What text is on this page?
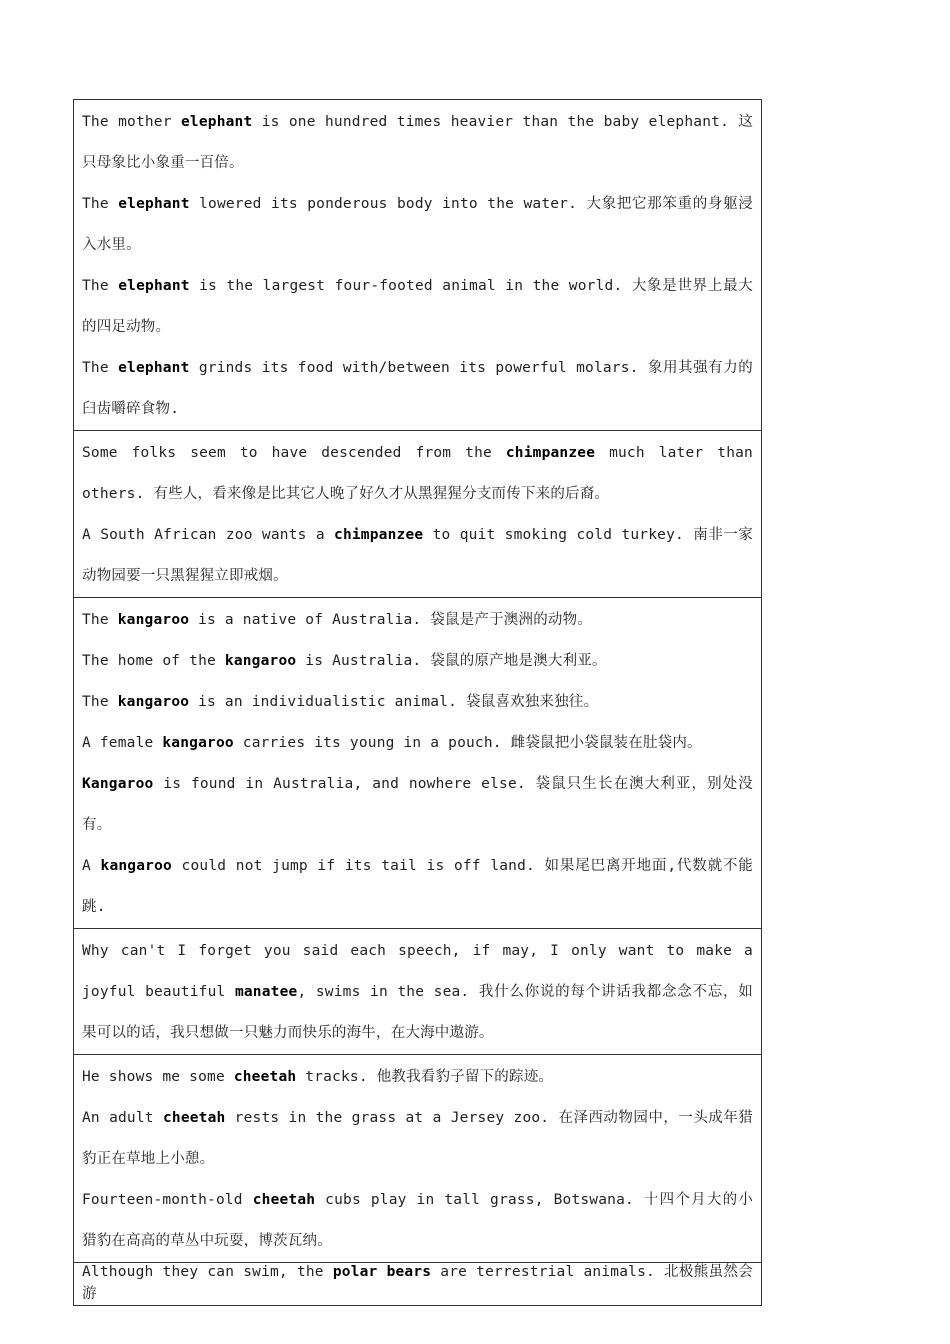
The mother elephant is one hundred times heavier than the baby elephant. 这只母象比小象重一百倍。

The elephant lowered its ponderous body into the water. 大象把它那笨重的身躯浸入水里。

The elephant is the largest four-footed animal in the world. 大象是世界上最大的四足动物。

The elephant grinds its food with/between its powerful molars. 象用其强有力的臼齿嚼碎食物.

Some folks seem to have descended from the chimpanzee much later than others. 有些人，看来像是比其它人晚了好久才从黑猩猩分支而传下来的后裔。

A South African zoo wants a chimpanzee to quit smoking cold turkey. 南非一家动物园要一只黑猩猩立即戒烟。

The kangaroo is a native of Australia. 袋鼠是产于澳洲的动物。

The home of the kangaroo is Australia. 袋鼠的原产地是澳大利亚。

The kangaroo is an individualistic animal. 袋鼠喜欢独来独往。

A female kangaroo carries its young in a pouch. 雌袋鼠把小袋鼠装在肚袋内。

Kangaroo is found in Australia, and nowhere else. 袋鼠只生长在澳大利亚，别处没有。

A kangaroo could not jump if its tail is off land. 如果尾巴离开地面,代数就不能跳.

Why can't I forget you said each speech, if may, I only want to make a joyful beautiful manatee, swims in the sea. 我什么你说的每个讲话我都念念不忘，如果可以的话，我只想做一只魅力而快乐的海牛，在大海中遨游。

He shows me some cheetah tracks. 他教我看豹子留下的踪迹。

An adult cheetah rests in the grass at a Jersey zoo. 在泽西动物园中，一头成年猎豹正在草地上小憩。

Fourteen-month-old cheetah cubs play in tall grass, Botswana. 十四个月大的小猎豹在高高的草丛中玩耍，博茨瓦纳。

Although they can swim, the polar bears are terrestrial animals. 北极熊虽然会游
